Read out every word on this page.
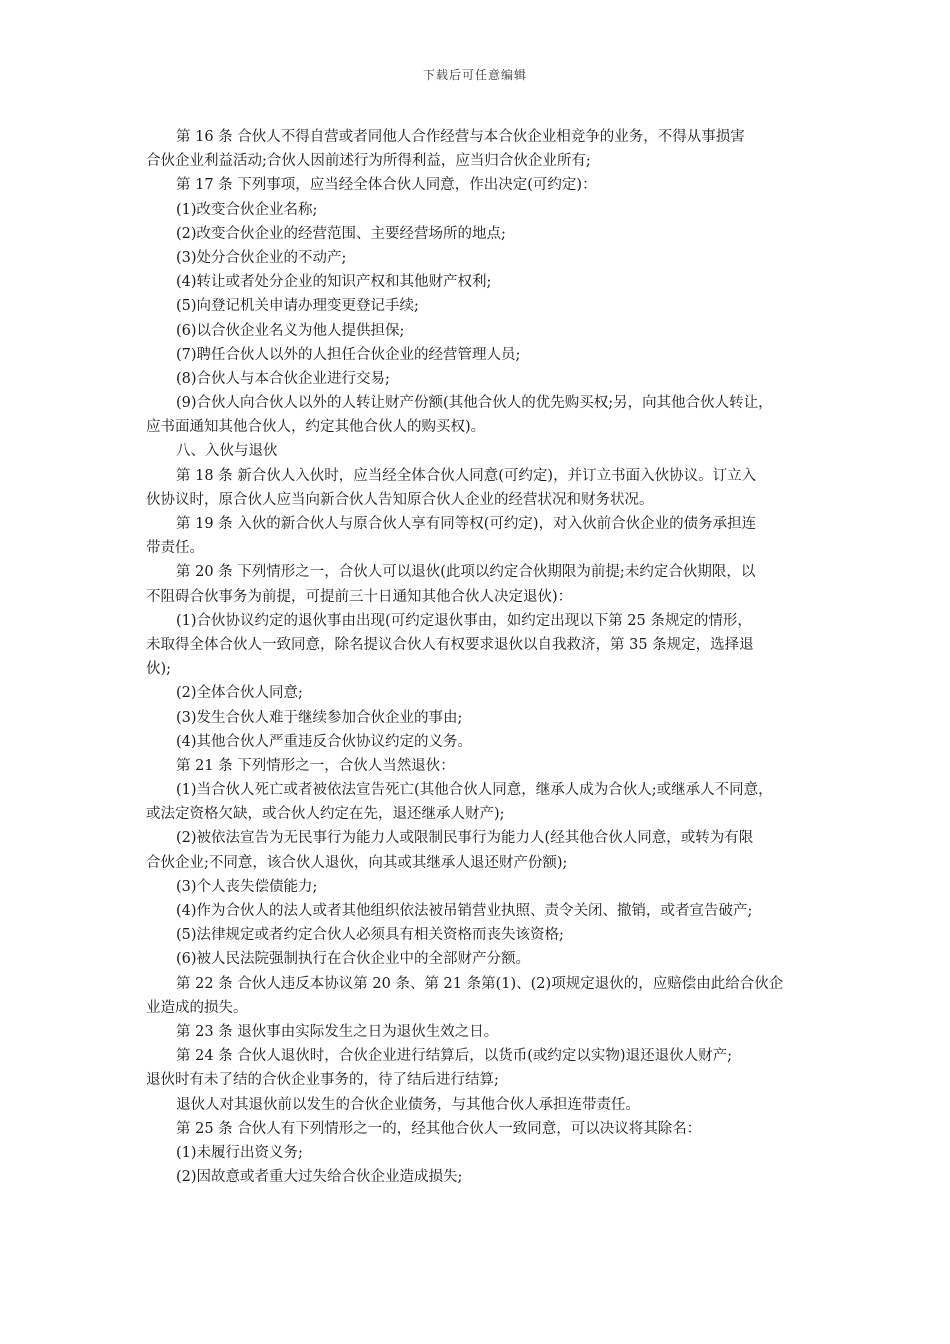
下载后可任意编辑
第 16 条 合伙人不得自营或者同他人合作经营与本合伙企业相竞争的业务，不得从事损害
合伙企业利益活动;合伙人因前述行为所得利益，应当归合伙企业所有;
第 17 条 下列事项，应当经全体合伙人同意，作出决定(可约定)：
(1)改变合伙企业名称;
(2)改变合伙企业的经营范围、主要经营场所的地点;
(3)处分合伙企业的不动产;
(4)转让或者处分企业的知识产权和其他财产权利;
(5)向登记机关申请办理变更登记手续;
(6)以合伙企业名义为他人提供担保;
(7)聘任合伙人以外的人担任合伙企业的经营管理人员;
(8)合伙人与本合伙企业进行交易;
(9)合伙人向合伙人以外的人转让财产份额(其他合伙人的优先购买权;另，向其他合伙人转让，
应书面通知其他合伙人，约定其他合伙人的购买权)。
八、入伙与退伙
第 18 条 新合伙人入伙时，应当经全体合伙人同意(可约定)，并订立书面入伙协议。订立入
伙协议时，原合伙人应当向新合伙人告知原合伙人企业的经营状况和财务状况。
第 19 条 入伙的新合伙人与原合伙人享有同等权(可约定)，对入伙前合伙企业的债务承担连
带责任。
第 20 条 下列情形之一，合伙人可以退伙(此项以约定合伙期限为前提;未约定合伙期限，以
不阻碍合伙事务为前提，可提前三十日通知其他合伙人决定退伙)：
(1)合伙协议约定的退伙事由出现(可约定退伙事由，如约定出现以下第 25 条规定的情形，
未取得全体合伙人一致同意，除名提议合伙人有权要求退伙以自我救济，第 35 条规定，选择退
伙);
(2)全体合伙人同意;
(3)发生合伙人难于继续参加合伙企业的事由;
(4)其他合伙人严重违反合伙协议约定的义务。
第 21 条 下列情形之一，合伙人当然退伙：
(1)当合伙人死亡或者被依法宣告死亡(其他合伙人同意，继承人成为合伙人;或继承人不同意，
或法定资格欠缺，或合伙人约定在先，退还继承人财产);
(2)被依法宣告为无民事行为能力人或限制民事行为能力人(经其他合伙人同意，或转为有限
合伙企业;不同意，该合伙人退伙，向其或其继承人退还财产份额);
(3)个人丧失偿债能力;
(4)作为合伙人的法人或者其他组织依法被吊销营业执照、责令关闭、撤销，或者宣告破产;
(5)法律规定或者约定合伙人必须具有相关资格而丧失该资格;
(6)被人民法院强制执行在合伙企业中的全部财产分额。
第 22 条 合伙人违反本协议第 20 条、第 21 条第(1)、(2)项规定退伙的，应赔偿由此给合伙企
业造成的损失。
第 23 条 退伙事由实际发生之日为退伙生效之日。
第 24 条 合伙人退伙时，合伙企业进行结算后，以货币(或约定以实物)退还退伙人财产;
退伙时有未了结的合伙企业事务的，待了结后进行结算;
退伙人对其退伙前以发生的合伙企业债务，与其他合伙人承担连带责任。
第 25 条 合伙人有下列情形之一的，经其他合伙人一致同意，可以决议将其除名：
(1)未履行出资义务;
(2)因故意或者重大过失给合伙企业造成损失;
